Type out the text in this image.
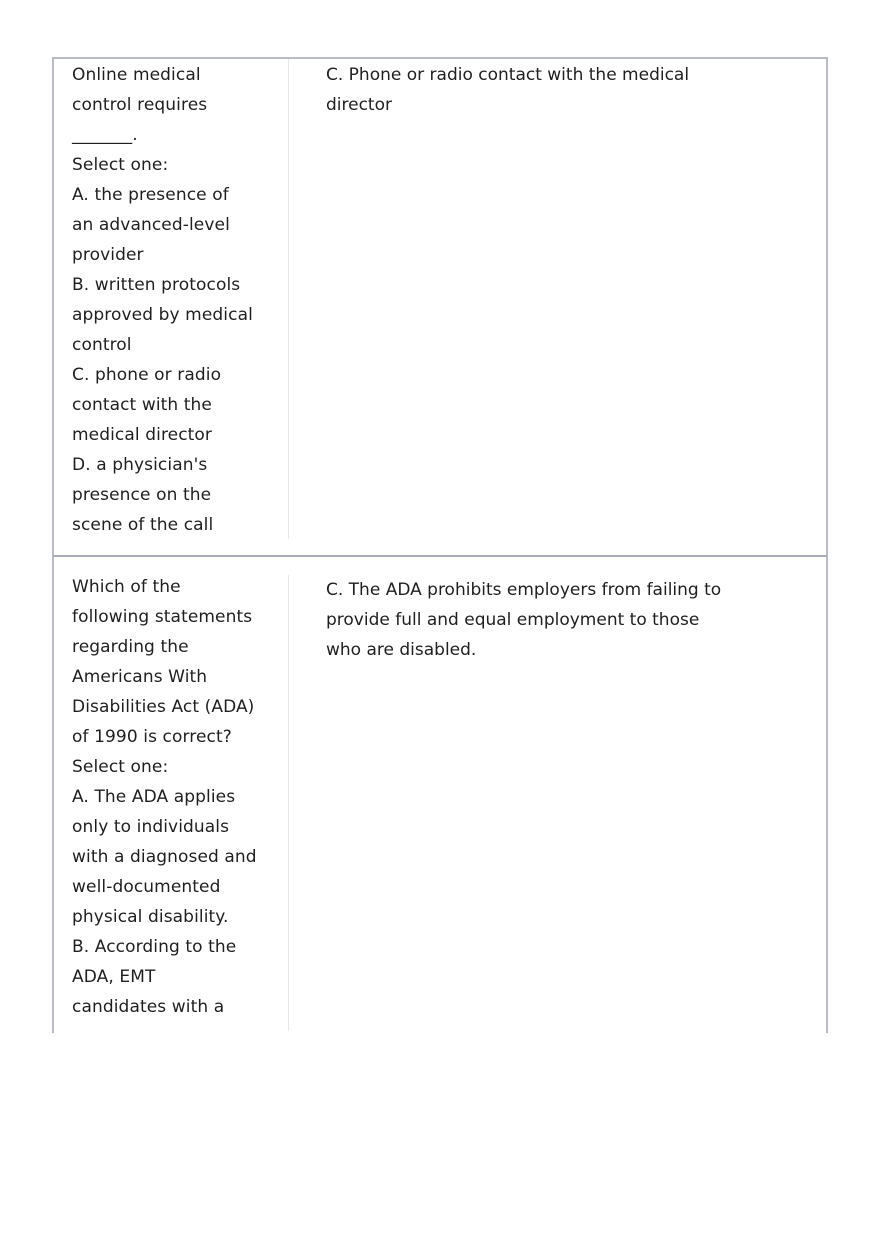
Online medical
control requires
_______.
Select one:
A. the presence of
an advanced-level
provider
B. written protocols
approved by medical
control
C. phone or radio
contact with the
medical director
D. a physician's
presence on the
scene of the call
C. Phone or radio contact with the medical
director
Which of the
following statements
regarding the
Americans With
Disabilities Act (ADA)
of 1990 is correct?
Select one:
A. The ADA applies
only to individuals
with a diagnosed and
well-documented
physical disability.
B. According to the
ADA, EMT
candidates with a
C. The ADA prohibits employers from failing to
provide full and equal employment to those
who are disabled.
